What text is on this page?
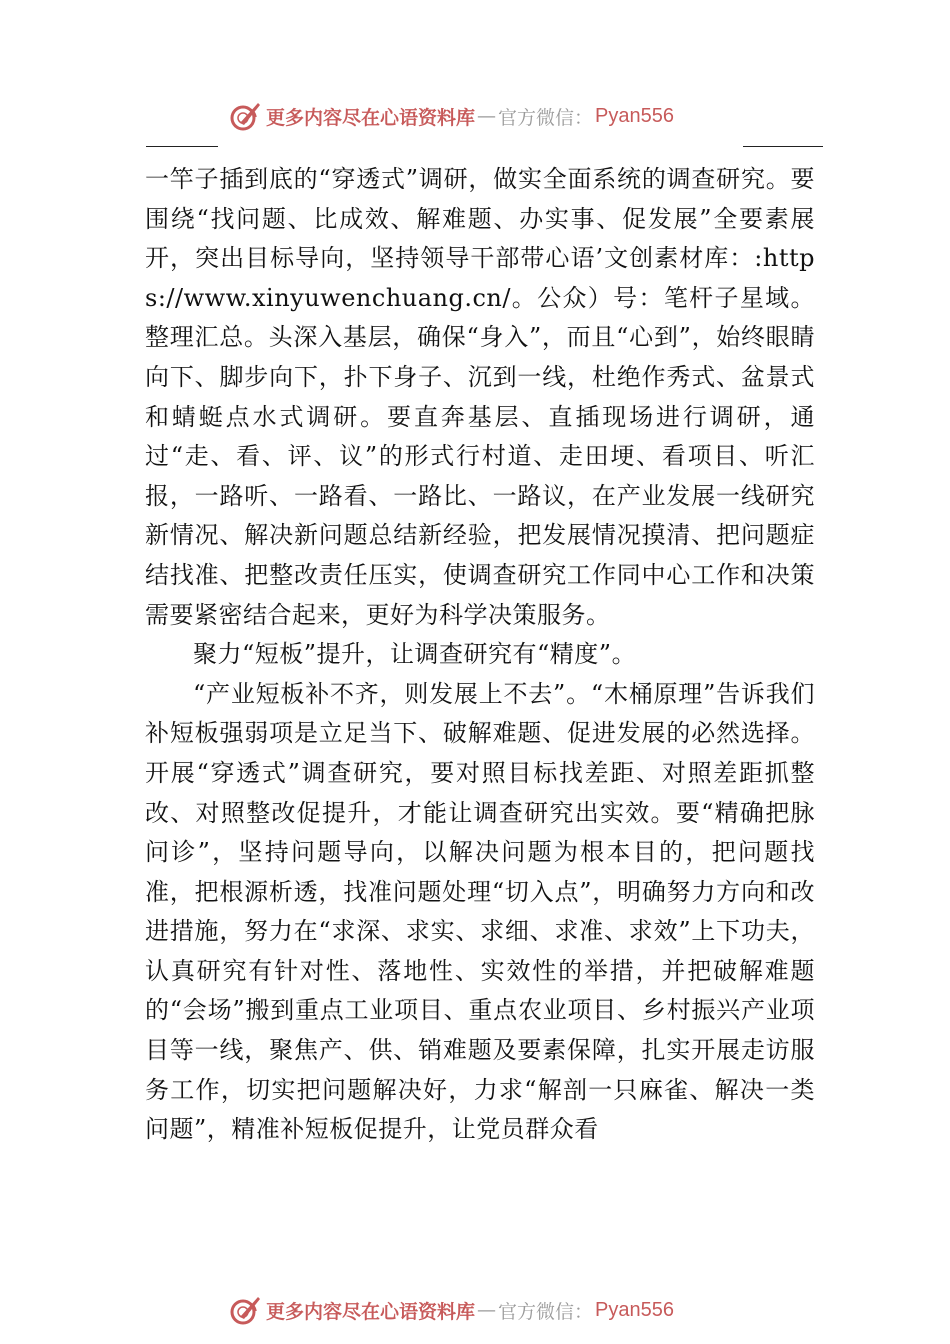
更多内容尽在心语资料库 — 官方微信： Pyan556

一竿子插到底的“穿透式”调研，做实全面系统的调查研究。要围绕“找问题、比成效、解难题、办实事、促发展”全要素展开，突出目标导向，坚持领导干部带心语’文创素材库：:https://www.xinyuwenchuang.cn/。公众）号：笔杆子星域。整理汇总。头深入基层，确保“身入”，而且“心到”，始终眼睛向下、脚步向下，扑下身子、沉到一线，杜绝作秀式、盆景式和蜻蜓点水式调研。要直奔基层、直插现场进行调研，通过“走、看、评、议”的形式行村道、走田埂、看项目、听汇报，一路听、一路看、一路比、一路议，在产业发展一线研究新情况、解决新问题总结新经验，把发展情况摸清、把问题症结找准、把整改责任压实，使调查研究工作同中心工作和决策需要紧密结合起来，更好为科学决策服务。

聚力“短板”提升，让调查研究有“精度”。

“产业短板补不齐，则发展上不去”。“木桶原理”告诉我们补短板强弱项是立足当下、破解难题、促进发展的必然选择。开展“穿透式”调查研究，要对照目标找差距、对照差距抓整改、对照整改促提升，才能让调查研究出实效。要“精确把脉问诊”，坚持问题导向，以解决问题为根本目的，把问题找准，把根源析透，找准问题处理“切入点”，明确努力方向和改进措施，努力在“求深、求实、求细、求准、求效”上下功夫，认真研究有针对性、落地性、实效性的举措，并把破解难题的“会场”搬到重点工业项目、重点农业项目、乡村振兴产业项目等一线，聚焦产、供、销难题及要素保障，扎实开展走访服务工作，切实把问题解决好，力求“解剖一只麻雀、解决一类问题”，精准补短板促提升，让党员群众看

更多内容尽在心语资料库 — 官方微信： Pyan556
